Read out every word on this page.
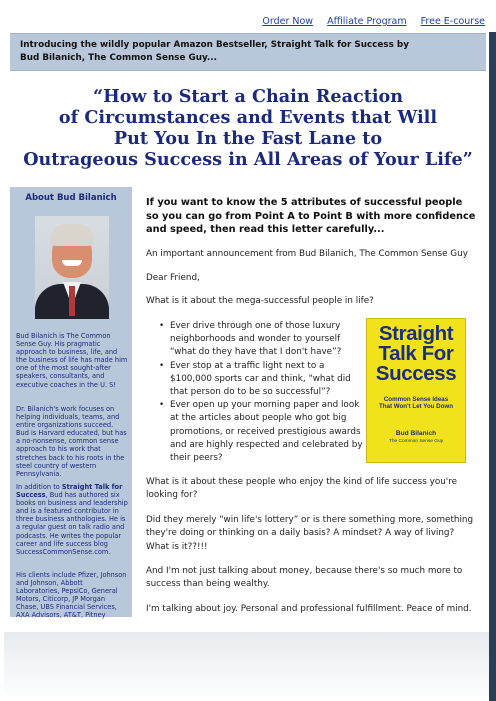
Order Now Affiliate Program Free E-course

Introducing the wildly popular Amazon Bestseller, Straight Talk for Success by
Bud Bilanich, The Common Sense Guy...

“How to Start a Chain Reaction
of Circumstances and Events that Will
Put You In the Fast Lane to
Outrageous Success in All Areas of Your Life”
About Bud Bilanich
Bud Bilanich is The Common Sense Guy. His pragmatic approach to business, life, and the business of life has made him one of the most sought-after speakers, consultants, and executive coaches in the U. S!
Dr. Bilanich's work focuses on helping individuals, teams, and entire organizations succeed. Bud is Harvard educated, but has a no-nonsense, common sense approach to his work that stretches back to his roots in the steel country of western Pennsylvania.
In addition to Straight Talk for Success, Bud has authored six books on business and leadership and is a featured contributor in three business anthologies. He is a regular guest on talk radio and podcasts. He writes the popular career and life success blog SuccessCommonSense.com.
His clients include Pfizer, Johnson and Johnson, Abbott Laboratories, PepsiCo, General Motors, Citicorp, JP Morgan Chase, UBS Financial Services, AXA Advisors, AT&T, Pitney
If you want to know the 5 attributes of successful people so you can go from Point A to Point B with more confidence and speed, then read this letter carefully...
An important announcement from Bud Bilanich, The Common Sense Guy
Dear Friend,
What is it about the mega-successful people in life?
• Ever drive through one of those luxury neighborhoods and wonder to yourself “what do they have that I don't have”?
• Ever stop at a traffic light next to a $100,000 sports car and think, “what did that person do to be so successful”?
• Ever open up your morning paper and look at the articles about people who got big promotions, or received prestigious awards and are highly respected and celebrated by their peers?
Straight
Talk For
Success
Common Sense Ideas
That Won't Let You Down
Bud Bilanich
The Common Sense Guy
What is it about these people who enjoy the kind of life success you're looking for?
Did they merely “win life's lottery” or is there something more, something they're doing or thinking on a daily basis? A mindset? A way of living? What is it??!!!
And I'm not just talking about money, because there's so much more to success than being wealthy.
I'm talking about joy. Personal and professional fulfillment. Peace of mind.
